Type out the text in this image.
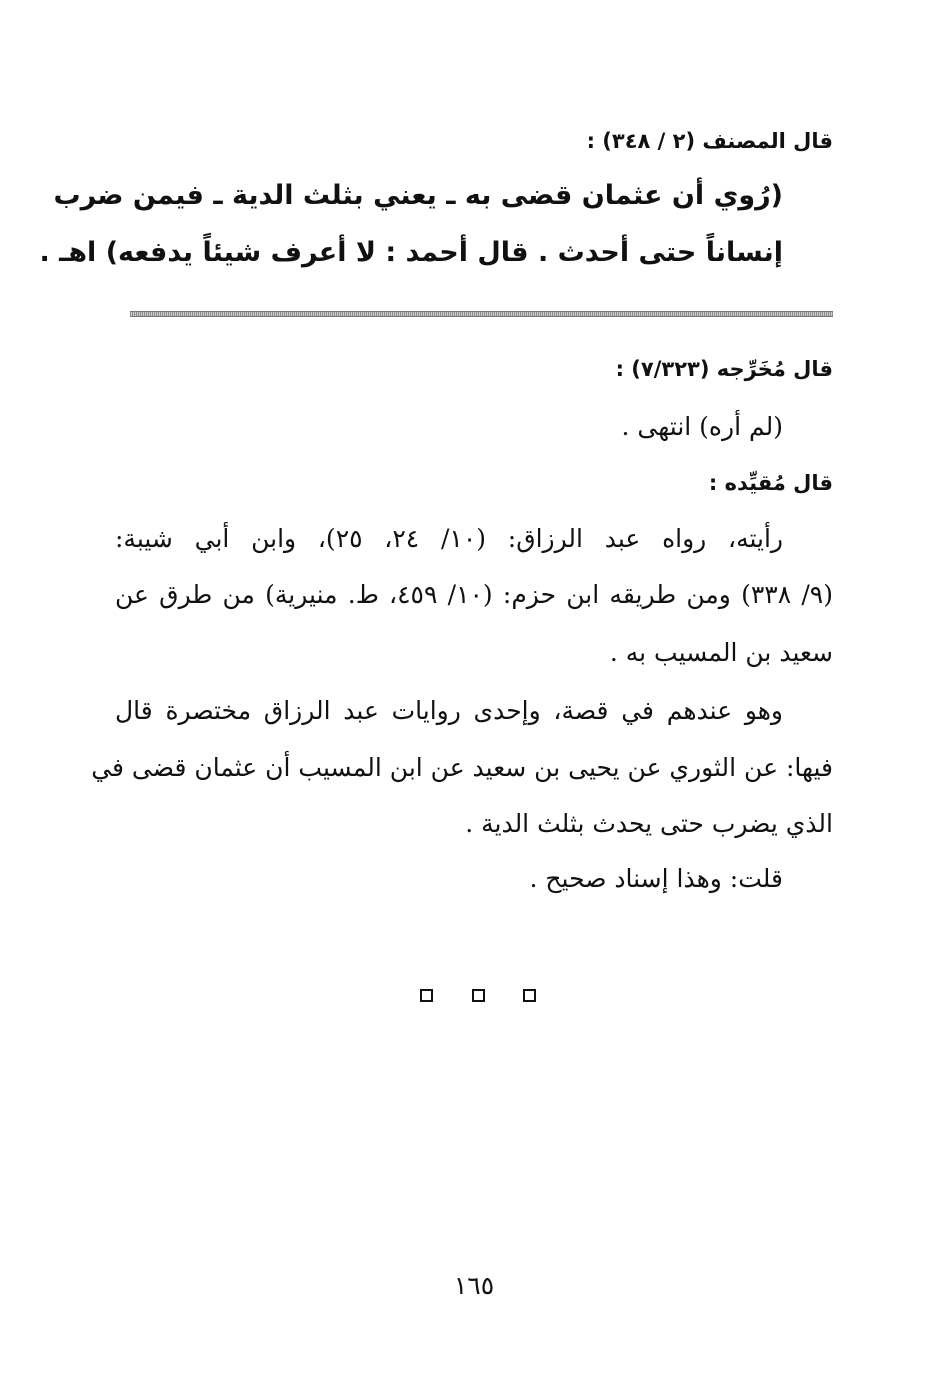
قال المصنف (٢ / ٣٤٨) :
(رُوي أن عثمان قضى به ـ يعني بثلث الدية ـ فيمن ضرب
إنساناً حتى أحدث . قال أحمد : لا أعرف شيئاً يدفعه) اهـ .
قال مُخَرِّجه (٧/٣٢٣) :
(لم أره) انتهى .
قال مُقيِّده :
رأيته، رواه عبد الرزاق: (١٠/ ٢٤، ٢٥)، وابن أبي شيبة:
(٩/ ٣٣٨) ومن طريقه ابن حزم: (١٠/ ٤٥٩، ط. منيرية) من طرق عن
سعيد بن المسيب به .
وهو عندهم في قصة، وإحدى روايات عبد الرزاق مختصرة قال
فيها: عن الثوري عن يحيى بن سعيد عن ابن المسيب أن عثمان قضى في
الذي يضرب حتى يحدث بثلث الدية .
قلت: وهذا إسناد صحيح .
١٦٥
